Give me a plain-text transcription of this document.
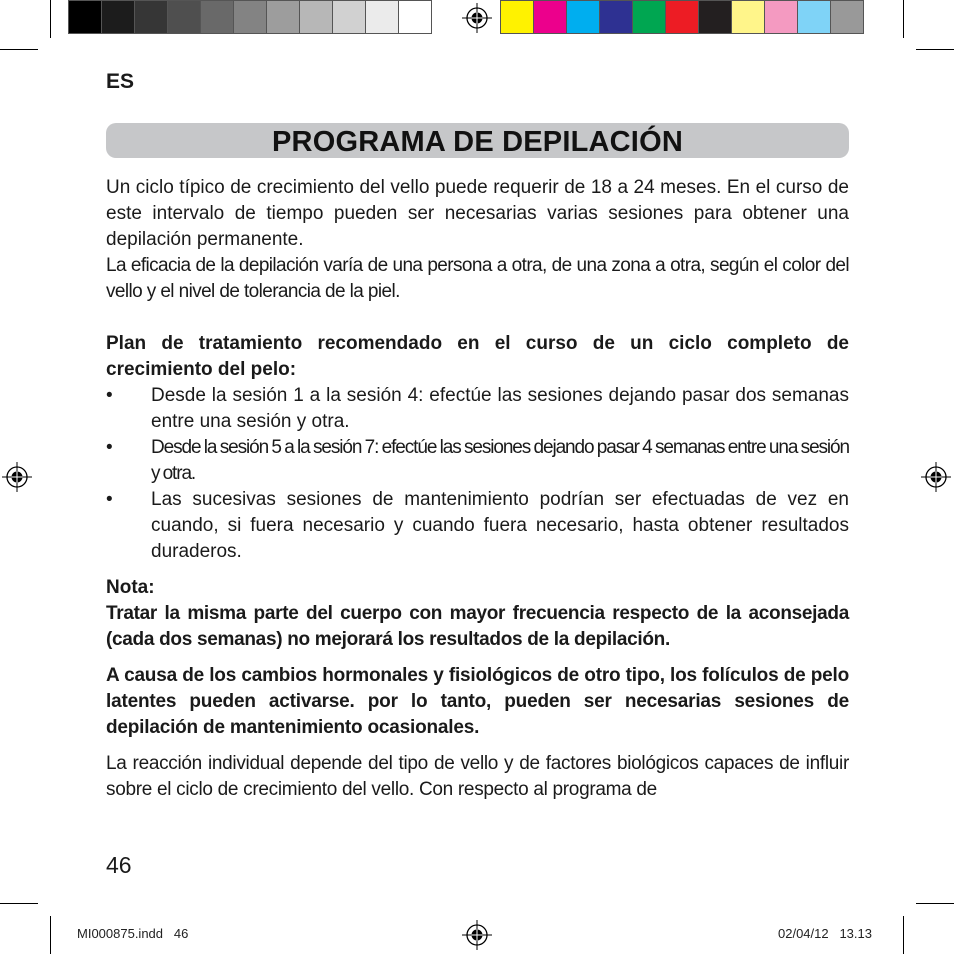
ES
PROGRAMA DE DEPILACIÓN

Un ciclo típico de crecimiento del vello puede requerir de 18 a 24 meses. En el curso de este intervalo de tiempo pueden ser necesarias varias sesiones para obtener una depilación permanente.

La eficacia de la depilación varía de una persona a otra, de una zona a otra, según el color del vello y el nivel de tolerancia de la piel.

Plan de tratamiento recomendado en el curso de un ciclo completo de crecimiento del pelo:

• Desde la sesión 1 a la sesión 4: efectúe las sesiones dejando pasar dos semanas entre una sesión y otra.
• Desde la sesión 5 a la sesión 7: efectúe las sesiones dejando pasar 4 semanas entre una sesión y otra.
• Las sucesivas sesiones de mantenimiento podrían ser efectuadas de vez en cuando, si fuera necesario y cuando fuera necesario, hasta obtener resultados duraderos.

Nota:

Tratar la misma parte del cuerpo con mayor frecuencia respecto de la aconsejada (cada dos semanas) no mejorará los resultados de la depilación.

A causa de los cambios hormonales y fisiológicos de otro tipo, los folículos de pelo latentes pueden activarse. por lo tanto, pueden ser necesarias sesiones de depilación de mantenimiento ocasionales.

La reacción individual depende del tipo de vello y de factores biológicos capaces de influir sobre el ciclo de crecimiento del vello. Con respecto al programa de

46
MI000875.indd   46	02/04/12   13.13
